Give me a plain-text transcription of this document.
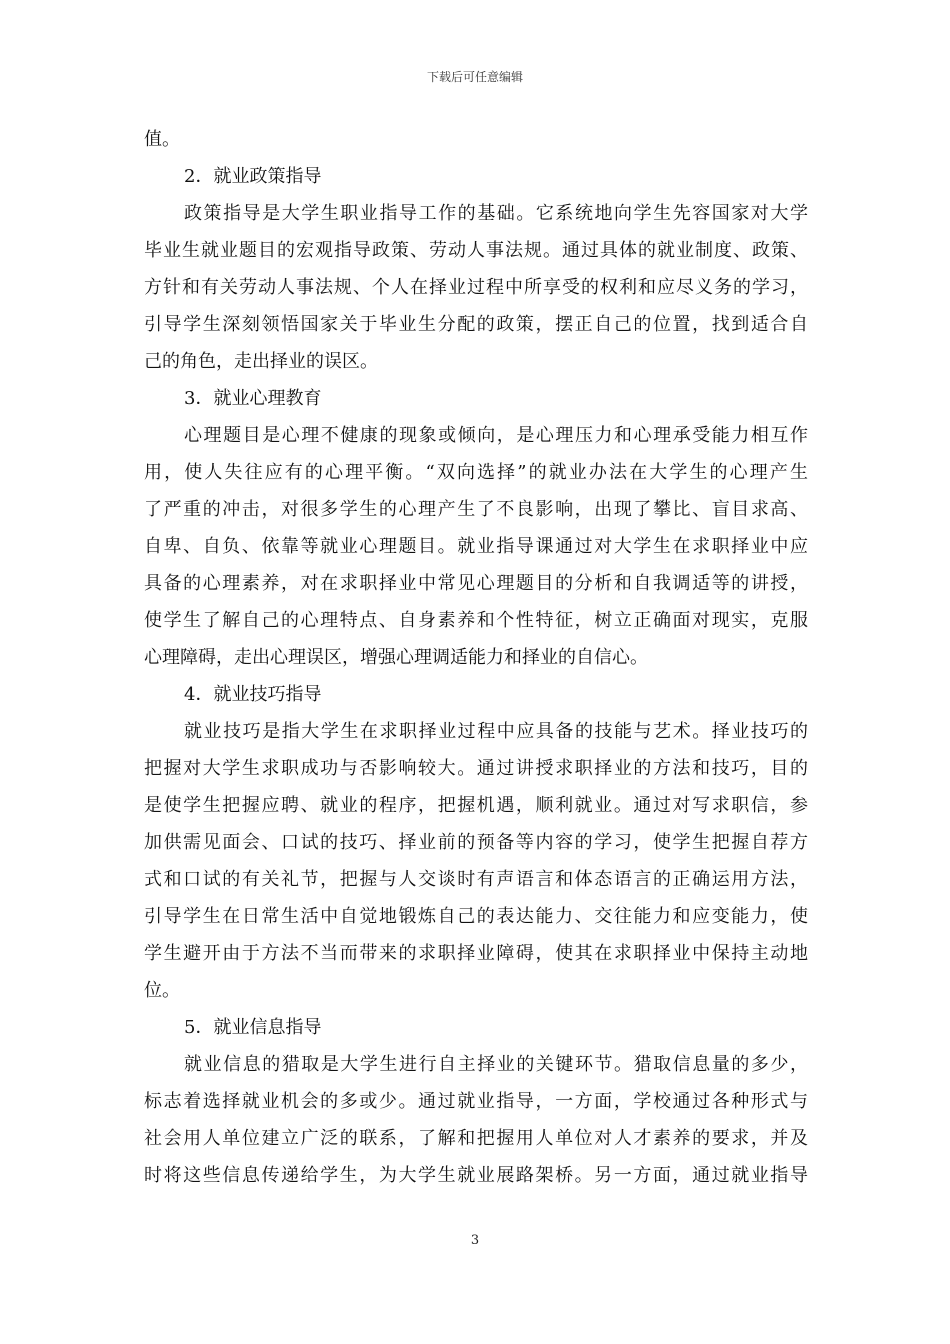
下载后可任意编辑
值。
2．就业政策指导
政策指导是大学生职业指导工作的基础。它系统地向学生先容国家对大学
毕业生就业题目的宏观指导政策、劳动人事法规。通过具体的就业制度、政策、
方针和有关劳动人事法规、个人在择业过程中所享受的权利和应尽义务的学习，
引导学生深刻领悟国家关于毕业生分配的政策，摆正自己的位置，找到适合自
己的角色，走出择业的误区。
3．就业心理教育
心理题目是心理不健康的现象或倾向，是心理压力和心理承受能力相互作
用，使人失往应有的心理平衡。“双向选择”的就业办法在大学生的心理产生
了严重的冲击，对很多学生的心理产生了不良影响，出现了攀比、盲目求高、
自卑、自负、依靠等就业心理题目。就业指导课通过对大学生在求职择业中应
具备的心理素养，对在求职择业中常见心理题目的分析和自我调适等的讲授，
使学生了解自己的心理特点、自身素养和个性特征，树立正确面对现实，克服
心理障碍，走出心理误区，增强心理调适能力和择业的自信心。
4．就业技巧指导
就业技巧是指大学生在求职择业过程中应具备的技能与艺术。择业技巧的
把握对大学生求职成功与否影响较大。通过讲授求职择业的方法和技巧，目的
是使学生把握应聘、就业的程序，把握机遇，顺利就业。通过对写求职信，参
加供需见面会、口试的技巧、择业前的预备等内容的学习，使学生把握自荐方
式和口试的有关礼节，把握与人交谈时有声语言和体态语言的正确运用方法，
引导学生在日常生活中自觉地锻炼自己的表达能力、交往能力和应变能力，使
学生避开由于方法不当而带来的求职择业障碍，使其在求职择业中保持主动地
位。
5．就业信息指导
就业信息的猎取是大学生进行自主择业的关键环节。猎取信息量的多少，
标志着选择就业机会的多或少。通过就业指导，一方面，学校通过各种形式与
社会用人单位建立广泛的联系，了解和把握用人单位对人才素养的要求，并及
时将这些信息传递给学生，为大学生就业展路架桥。另一方面，通过就业指导
3
